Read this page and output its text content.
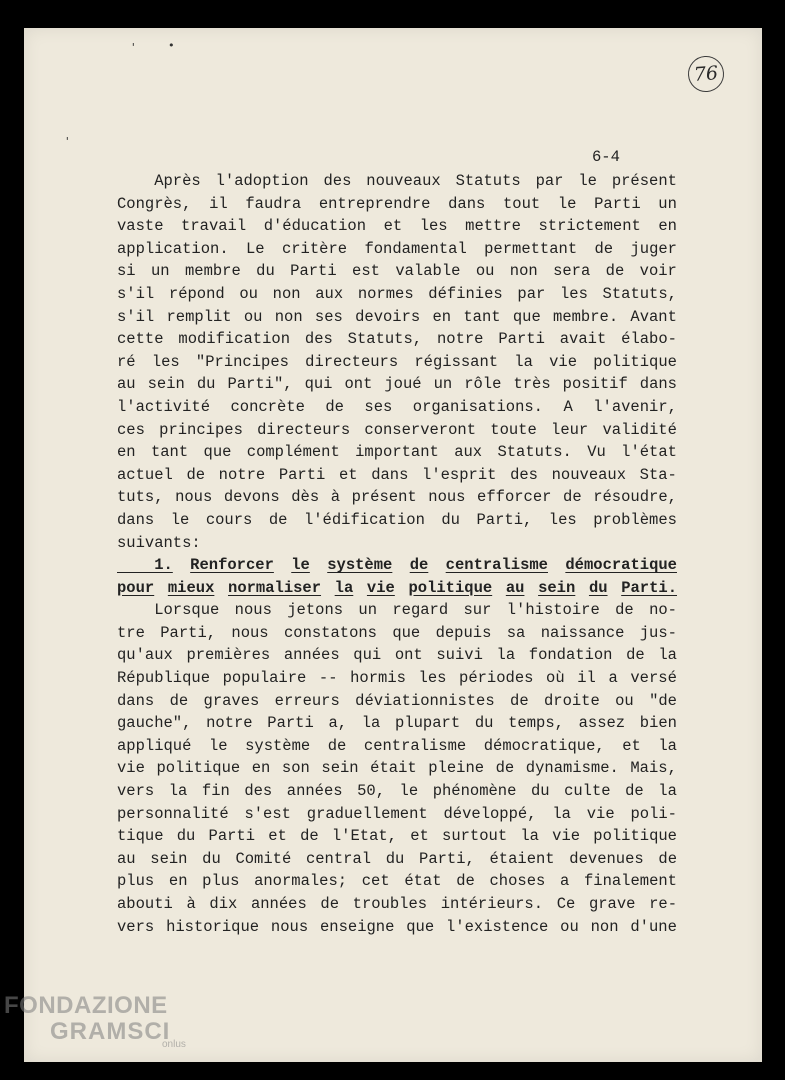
'	•
'
76
6-4
Après l'adoption des nouveaux Statuts par le présent
Congrès, il faudra entreprendre dans tout le Parti un
vaste travail d'éducation et les mettre strictement en
application. Le critère fondamental permettant de juger
si un membre du Parti est valable ou non sera de voir
s'il répond ou non aux normes définies par les Statuts,
s'il remplit ou non ses devoirs en tant que membre. Avant
cette modification des Statuts, notre Parti avait élabo-
ré les "Principes directeurs régissant la vie politique
au sein du Parti", qui ont joué un rôle très positif dans
l'activité concrète de ses organisations. A l'avenir,
ces principes directeurs conserveront toute leur validité
en tant que complément important aux Statuts. Vu l'état
actuel de notre Parti et dans l'esprit des nouveaux Sta-
tuts, nous devons dès à présent nous efforcer de résoudre,
dans le cours de l'édification du Parti, les problèmes
suivants:
1. Renforcer le système de centralisme démocratique
pour mieux normaliser la vie politique au sein du Parti.
Lorsque nous jetons un regard sur l'histoire de no-
tre Parti, nous constatons que depuis sa naissance jus-
qu'aux premières années qui ont suivi la fondation de la
République populaire -- hormis les périodes où il a versé
dans de graves erreurs déviationnistes de droite ou "de
gauche", notre Parti a, la plupart du temps, assez bien
appliqué le système de centralisme démocratique, et la
vie politique en son sein était pleine de dynamisme. Mais,
vers la fin des années 50, le phénomène du culte de la
personnalité s'est graduellement développé, la vie poli-
tique du Parti et de l'Etat, et surtout la vie politique
au sein du Comité central du Parti, étaient devenues de
plus en plus anormales; cet état de choses a finalement
abouti à dix années de troubles intérieurs. Ce grave re-
vers historique nous enseigne que l'existence ou non d'une
FONDAZIONE
GRAMSCI
onlus
